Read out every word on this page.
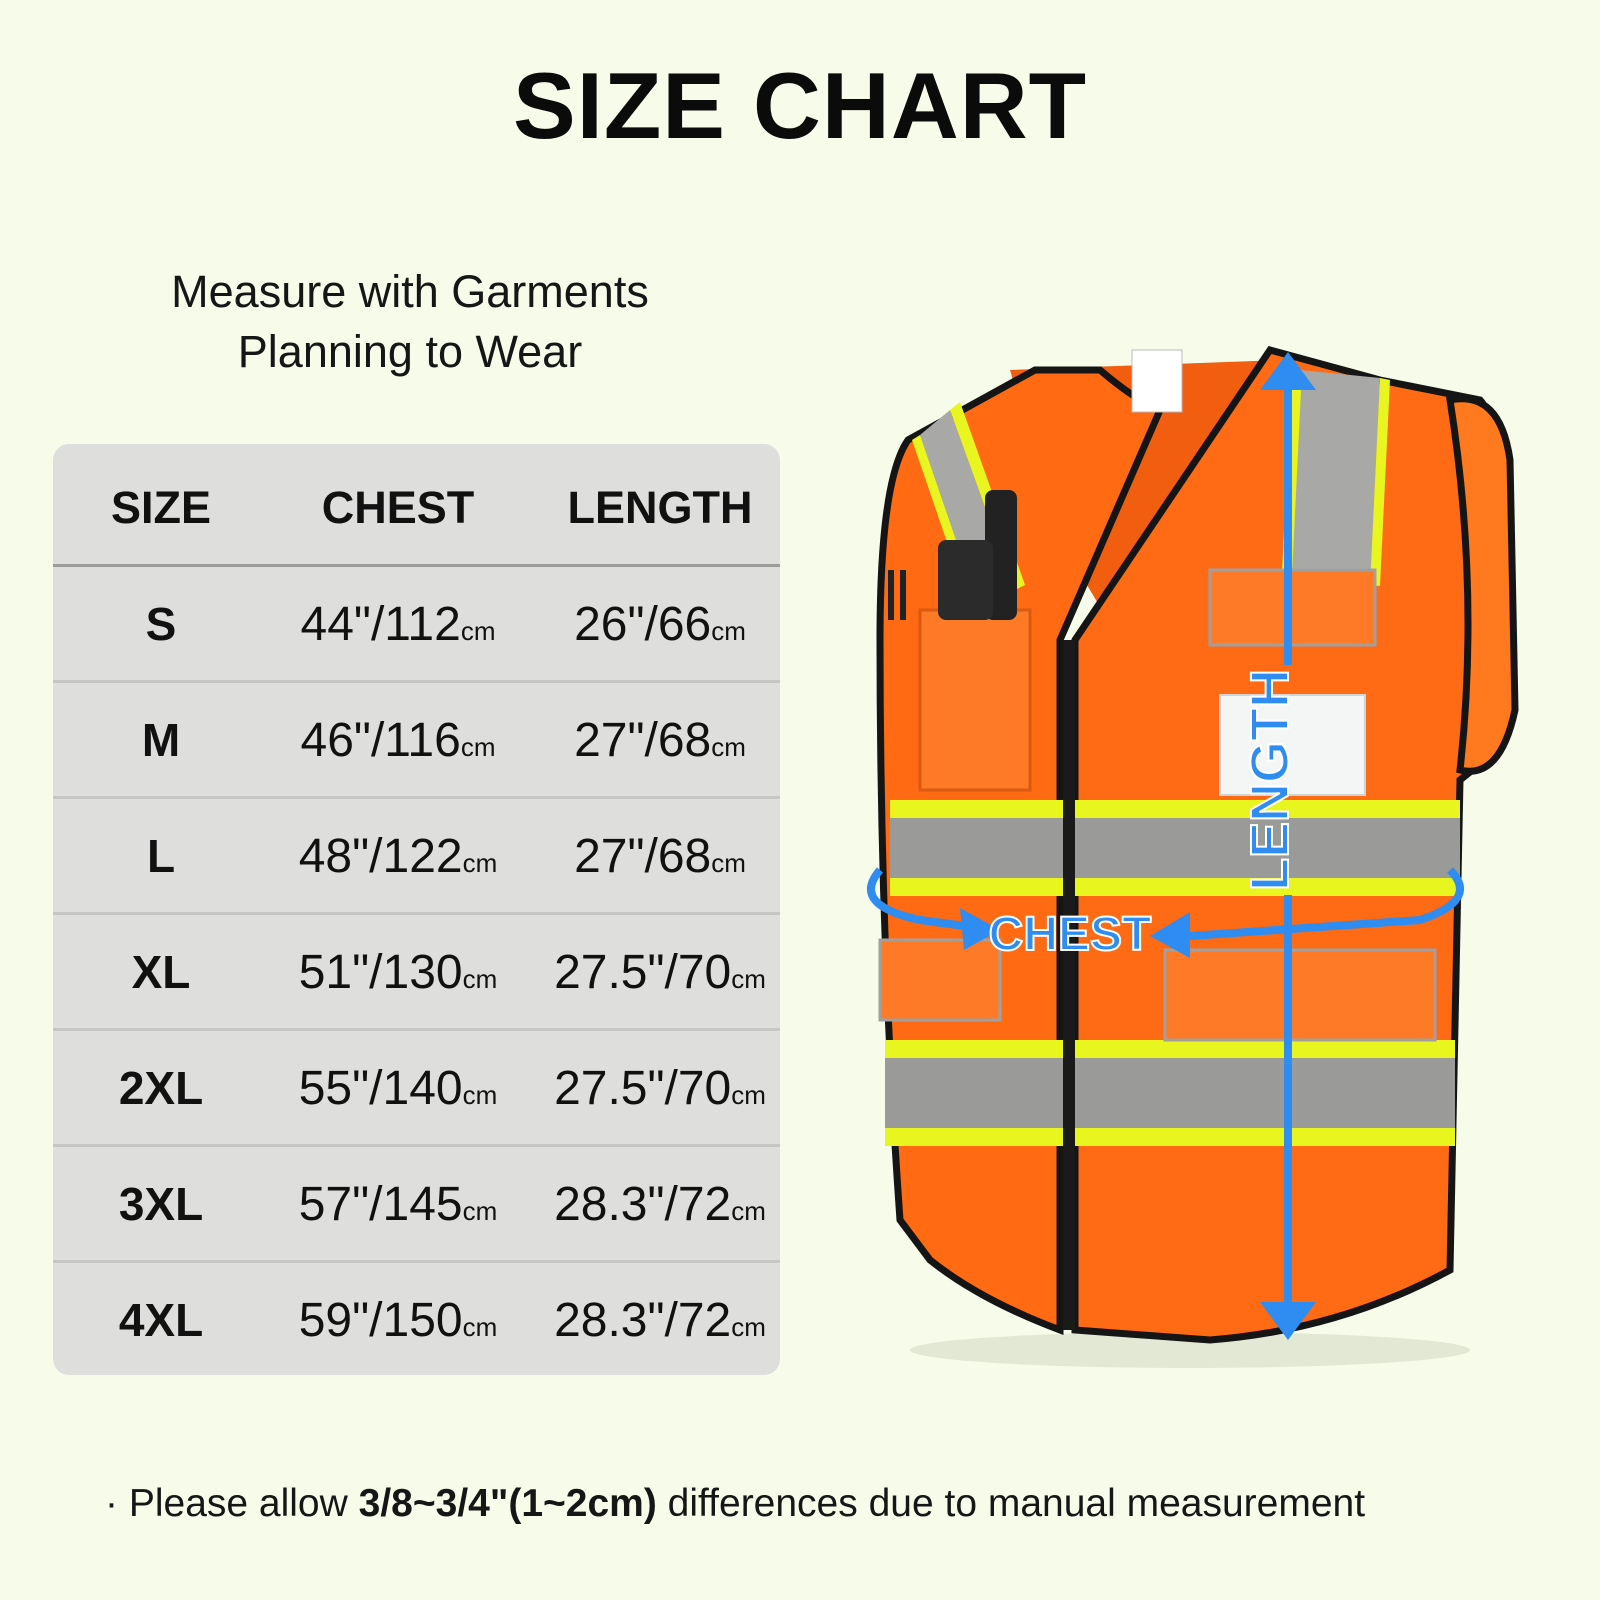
SIZE CHART
Measure with Garments
Planning to Wear
SIZE	CHEST	LENGTH
S	44"/112cm	26"/66cm
M	46"/116cm	27"/68cm
L	48"/122cm	27"/68cm
XL	51"/130cm	27.5"/70cm
2XL	55"/140cm	27.5"/70cm
3XL	57"/145cm	28.3"/72cm
4XL	59"/150cm	28.3"/72cm
LENGTH
CHEST
· Please allow 3/8~3/4"(1~2cm) differences due to manual measurement
